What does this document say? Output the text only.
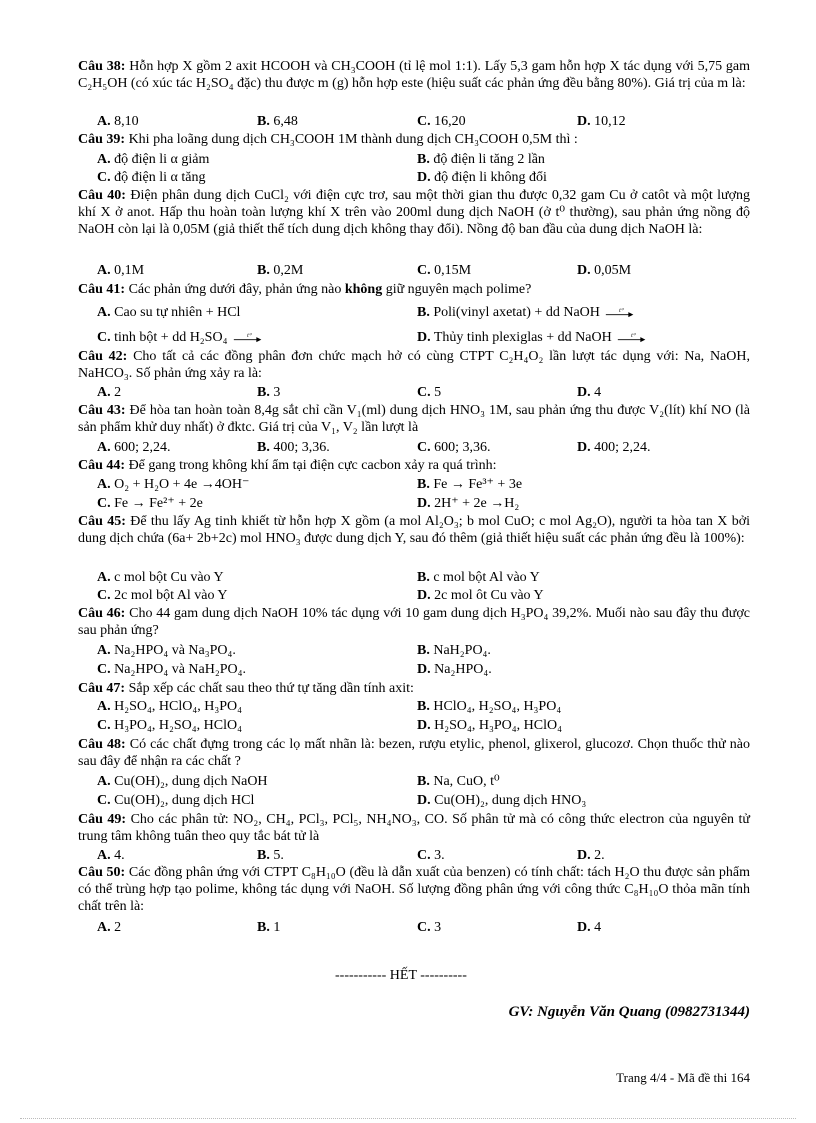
Câu 38: Hỗn hợp X gồm 2 axit HCOOH và CH₃COOH (tỉ lệ mol 1:1). Lấy 5,3 gam hỗn hợp X tác dụng với 5,75 gam C₂H₅OH (có xúc tác H₂SO₄ đặc) thu được m (g) hỗn hợp este (hiệu suất các phản ứng đều bằng 80%). Giá trị của m là:
A. 8,10	B. 6,48	C. 16,20	D. 10,12
Câu 39: Khi pha loãng dung dịch CH₃COOH 1M thành dung dịch CH₃COOH 0,5M thì :
A. độ điện li α giảm	B. độ điện li tăng 2 lần
C. độ điện li α tăng	D. độ điện li không đổi
Câu 40: Điện phân dung dịch CuCl₂ với điện cực trơ, sau một thời gian thu được 0,32 gam Cu ở catôt và một lượng khí X ở anot. Hấp thu hoàn toàn lượng khí X trên vào 200ml dung dịch NaOH (ở t⁰ thường), sau phản ứng nồng độ NaOH còn lại là 0,05M (giả thiết thể tích dung dịch không thay đổi). Nồng độ ban đầu của dung dịch NaOH là:
A. 0,1M	B. 0,2M	C. 0,15M	D. 0,05M
Câu 41: Các phản ứng dưới đây, phản ứng nào không giữ nguyên mạch polime?
A. Cao su tự nhiên + HCl	B. Poli(vinyl axetat) + dd NaOH	t⁰
C. tinh bột + dd H₂SO₄	t⁰	D. Thủy tinh plexiglas + dd NaOH	t⁰
Câu 42: Cho tất cả các đồng phân đơn chức mạch hở có cùng CTPT C₂H₄O₂ lần lượt tác dụng với: Na, NaOH, NaHCO₃. Số phản ứng xảy ra là:
A. 2	B. 3	C. 5	D. 4
Câu 43: Để hòa tan hoàn toàn 8,4g sắt chỉ cần V₁(ml) dung dịch HNO₃ 1M, sau phản ứng thu được V₂(lít) khí NO (là sản phẩm khử duy nhất) ở đktc. Giá trị của V₁, V₂ lần lượt là
A. 600; 2,24.	B. 400; 3,36.	C. 600; 3,36.	D. 400; 2,24.
Câu 44: Để gang trong không khí ẩm tại điện cực cacbon xảy ra quá trình:
A. O₂ + H₂O + 4e →4OH⁻	B. Fe → Fe³⁺ + 3e
C. Fe → Fe²⁺ + 2e	D. 2H⁺ + 2e →H₂
Câu 45: Để thu lấy Ag tinh khiết từ hỗn hợp X gồm (a mol Al₂O₃; b mol CuO; c mol Ag₂O), người ta hòa tan X bởi dung dịch chứa (6a+ 2b+2c) mol HNO₃ được dung dịch Y, sau đó thêm (giả thiết hiệu suất các phản ứng đều là 100%):
A. c mol bột Cu vào Y	B. c mol bột Al vào Y
C. 2c mol bột Al vào Y	D. 2c mol ôt Cu vào Y
Câu 46: Cho 44 gam dung dịch NaOH 10% tác dụng với 10 gam dung dịch H₃PO₄ 39,2%. Muối nào sau đây thu được sau phản ứng?
A. Na₂HPO₄ và Na₃PO₄.	B. NaH₂PO₄.
C. Na₂HPO₄ và NaH₂PO₄.	D. Na₂HPO₄.
Câu 47: Sắp xếp các chất sau theo thứ tự tăng dần tính axit:
A. H₂SO₄, HClO₄, H₃PO₄	B. HClO₄, H₂SO₄, H₃PO₄
C. H₃PO₄, H₂SO₄, HClO₄	D. H₂SO₄, H₃PO₄, HClO₄
Câu 48: Có các chất đựng trong các lọ mất nhãn là: bezen, rượu etylic, phenol, glixerol, glucozơ. Chọn thuốc thử nào sau đây để nhận ra các chất ?
A. Cu(OH)₂, dung dịch NaOH	B. Na, CuO, t⁰
C. Cu(OH)₂, dung dịch HCl	D. Cu(OH)₂, dung dịch HNO₃
Câu 49: Cho các phân tử: NO₂, CH₄, PCl₃, PCl₅, NH₄NO₃, CO. Số phân tử mà có công thức electron của nguyên tử trung tâm không tuân theo quy tắc bát tử là
A. 4.	B. 5.	C. 3.	D. 2.
Câu 50: Các đồng phân ứng với CTPT C₈H₁₀O (đều là dẫn xuất của benzen) có tính chất: tách H₂O thu được sản phẩm có thể trùng hợp tạo polime, không tác dụng với NaOH. Số lượng đồng phân ứng với công thức C₈H₁₀O thỏa mãn tính chất trên là:
A. 2	B. 1	C. 3	D. 4
----------- HẾT ----------
GV: Nguyễn Văn Quang (0982731344)
Trang 4/4 - Mã đề thi 164
